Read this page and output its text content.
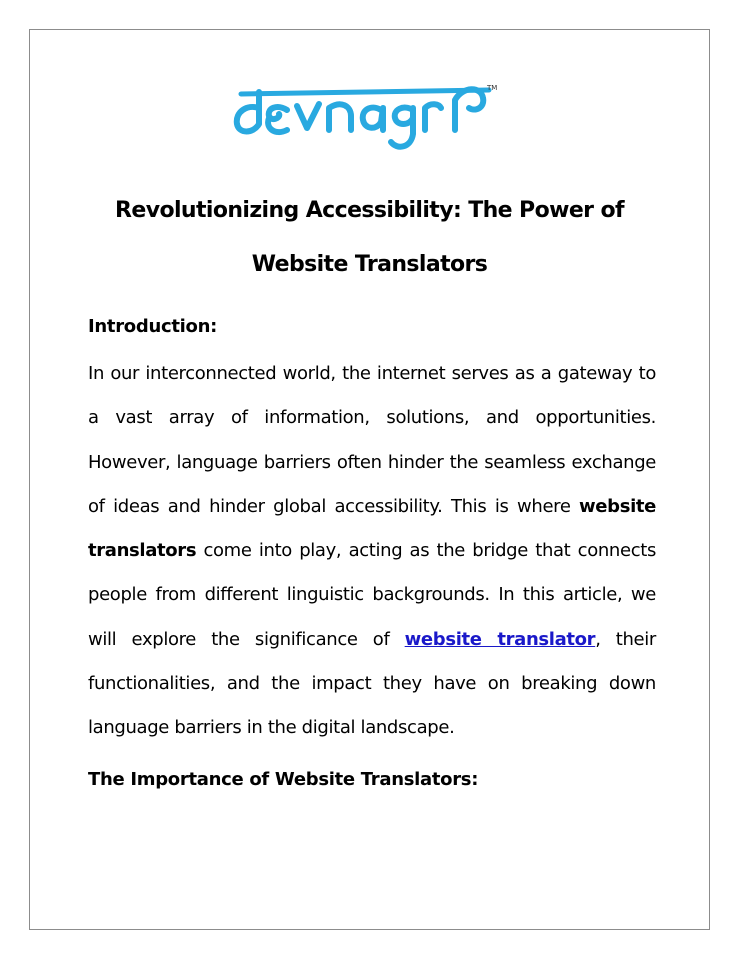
TM
Revolutionizing Accessibility: The Power of
Website Translators
Introduction:

In our interconnected world, the internet serves as a gateway to a vast array of information, solutions, and opportunities. However, language barriers often hinder the seamless exchange of ideas and hinder global accessibility. This is where website translators come into play, acting as the bridge that connects people from different linguistic backgrounds. In this article, we will explore the significance of website translator, their functionalities, and the impact they have on breaking down language barriers in the digital landscape.

The Importance of Website Translators:
